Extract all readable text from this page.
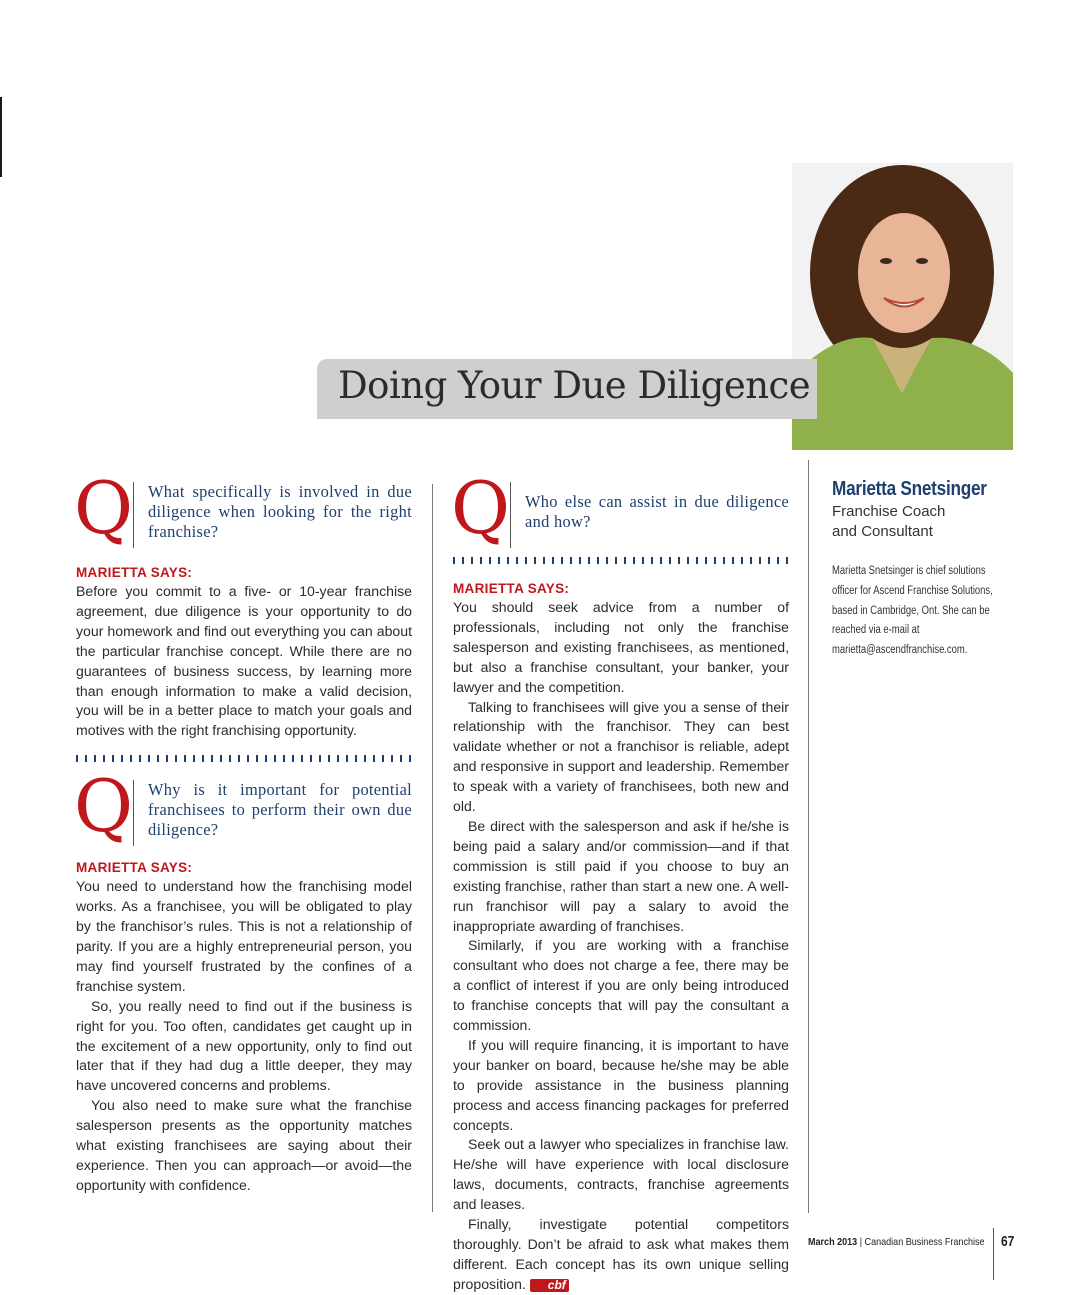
Doing Your Due Diligence
Q What specifically is involved in due diligence when looking for the right franchise?

MARIETTA SAYS:

Before you commit to a five- or 10-year franchise agreement, due diligence is your opportunity to do your homework and find out everything you can about the particular franchise concept. While there are no guarantees of business success, by learning more than enough information to make a valid decision, you will be in a better place to match your goals and motives with the right franchising opportunity.

Q Why is it important for potential franchisees to perform their own due diligence?

MARIETTA SAYS:

You need to understand how the franchising model works. As a franchisee, you will be obligated to play by the franchisor’s rules. This is not a relationship of parity. If you are a highly entrepreneurial person, you may find yourself frustrated by the confines of a franchise system.

So, you really need to find out if the business is right for you. Too often, candidates get caught up in the excitement of a new opportunity, only to find out later that if they had dug a little deeper, they may have uncovered concerns and problems.

You also need to make sure what the franchise salesperson presents as the opportunity matches what existing franchisees are saying about their experience. Then you can approach—or avoid—the opportunity with confidence.

Q Who else can assist in due diligence and how?

MARIETTA SAYS:

You should seek advice from a number of professionals, including not only the franchise salesperson and existing franchisees, as mentioned, but also a franchise consultant, your banker, your lawyer and the competition.

Talking to franchisees will give you a sense of their relationship with the franchisor. They can best validate whether or not a franchisor is reliable, adept and responsive in support and leadership. Remember to speak with a variety of franchisees, both new and old.

Be direct with the salesperson and ask if he/she is being paid a salary and/or commission—and if that commission is still paid if you choose to buy an existing franchise, rather than start a new one. A well-run franchisor will pay a salary to avoid the inappropriate awarding of franchises.

Similarly, if you are working with a franchise consultant who does not charge a fee, there may be a conflict of interest if you are only being introduced to franchise concepts that will pay the consultant a commission.

If you will require financing, it is important to have your banker on board, because he/she may be able to provide assistance in the business planning process and access financing packages for preferred concepts.

Seek out a lawyer who specializes in franchise law. He/she will have experience with local disclosure laws, documents, contracts, franchise agreements and leases.

Finally, investigate potential competitors thoroughly. Don’t be afraid to ask what makes them different. Each concept has its own unique selling proposition. cbf

Marietta Snetsinger
Franchise Coach
and Consultant
Marietta Snetsinger is chief solutions officer for Ascend Franchise Solutions, based in Cambridge, Ont. She can be reached via e-mail at marietta@ascendfranchise.com.
March 2013 | Canadian Business Franchise 67
